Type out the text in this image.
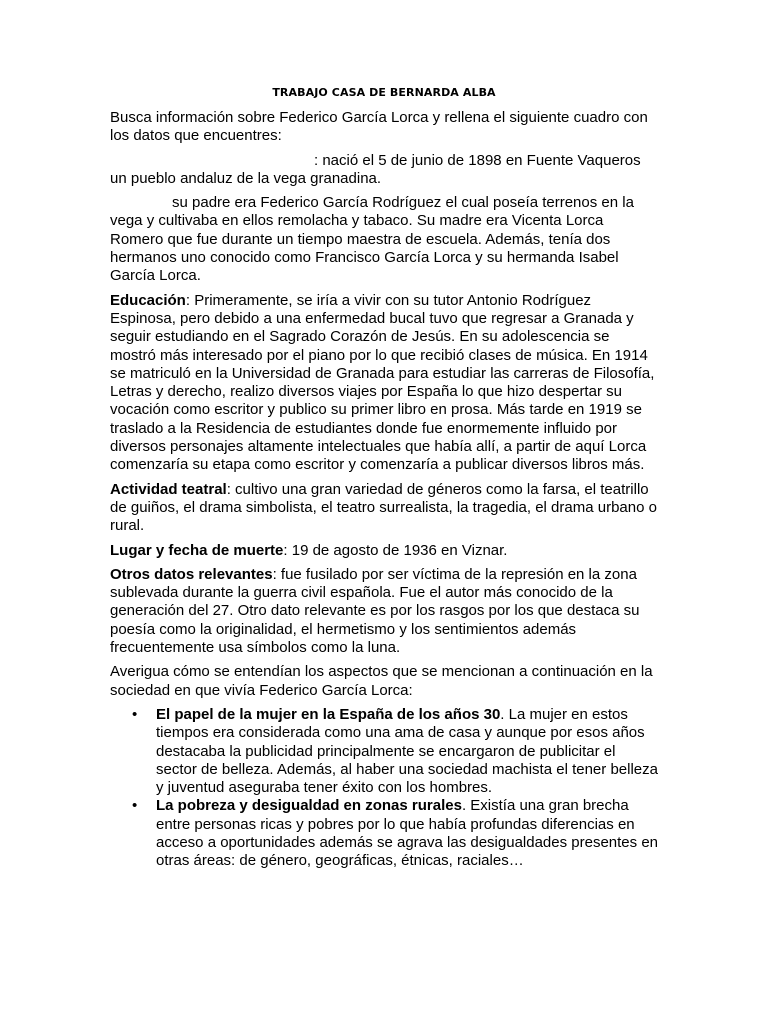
TRABAJO CASA DE BERNARDA ALBA

Busca información sobre Federico García Lorca y rellena el siguiente cuadro con los datos que encuentres:

: nació el 5 de junio de 1898 en Fuente Vaqueros un pueblo andaluz de la vega granadina.

su padre era Federico García Rodríguez el cual poseía terrenos en la vega y cultivaba en ellos remolacha y tabaco. Su madre era Vicenta Lorca Romero que fue durante un tiempo maestra de escuela. Además, tenía dos hermanos uno conocido como Francisco García Lorca y su hermanda Isabel García Lorca.

Educación: Primeramente, se iría a vivir con su tutor Antonio Rodríguez Espinosa, pero debido a una enfermedad bucal tuvo que regresar a Granada y seguir estudiando en el Sagrado Corazón de Jesús. En su adolescencia se mostró más interesado por el piano por lo que recibió clases de música. En 1914 se matriculó en la Universidad de Granada para estudiar las carreras de Filosofía, Letras y derecho, realizo diversos viajes por España lo que hizo despertar su vocación como escritor y publico su primer libro en prosa. Más tarde en 1919 se traslado a la Residencia de estudiantes donde fue enormemente influido por diversos personajes altamente intelectuales que había allí, a partir de aquí Lorca comenzaría su etapa como escritor y comenzaría a publicar diversos libros más.

Actividad teatral: cultivo una gran variedad de géneros como la farsa, el teatrillo de guiños, el drama simbolista, el teatro surrealista, la tragedia, el drama urbano o rural.

Lugar y fecha de muerte: 19 de agosto de 1936 en Viznar.

Otros datos relevantes: fue fusilado por ser víctima de la represión en la zona sublevada durante la guerra civil española. Fue el autor más conocido de la generación del 27. Otro dato relevante es por los rasgos por los que destaca su poesía como la originalidad, el hermetismo y los sentimientos además frecuentemente usa símbolos como la luna.

Averigua cómo se entendían los aspectos que se mencionan a continuación en la sociedad en que vivía Federico García Lorca:

• El papel de la mujer en la España de los años 30. La mujer en estos tiempos era considerada como una ama de casa y aunque por esos años destacaba la publicidad principalmente se encargaron de publicitar el sector de belleza. Además, al haber una sociedad machista el tener belleza y juventud aseguraba tener éxito con los hombres.
• La pobreza y desigualdad en zonas rurales. Existía una gran brecha entre personas ricas y pobres por lo que había profundas diferencias en acceso a oportunidades además se agrava las desigualdades presentes en otras áreas: de género, geográficas, étnicas, raciales…
